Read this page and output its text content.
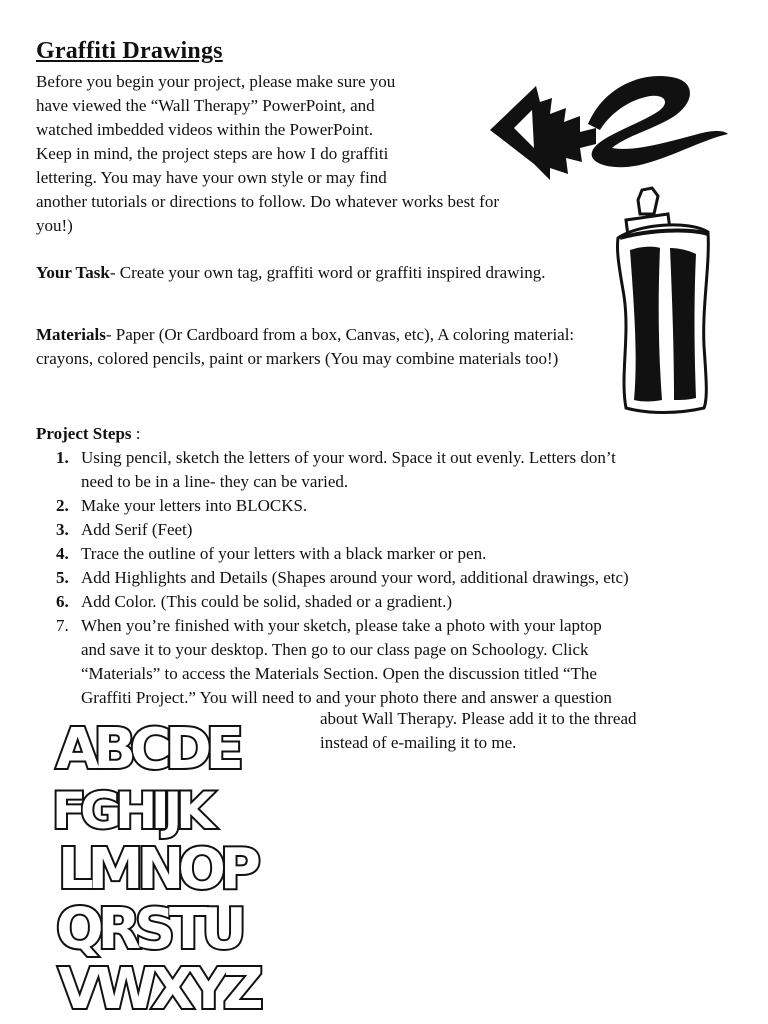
Graffiti Drawings
Before you begin your project, please make sure you
have viewed the “Wall Therapy” PowerPoint, and
watched imbedded videos within the PowerPoint.
Keep in mind, the project steps are how I do graffiti
lettering. You may have your own style or may find
another tutorials or directions to follow. Do whatever works best for
you!)
Your Task- Create your own tag, graffiti word or graffiti inspired drawing.
Materials- Paper (Or Cardboard from a box, Canvas, etc), A coloring material: crayons, colored pencils, paint or markers (You may combine materials too!)
Project Steps :
1. Using pencil, sketch the letters of your word. Space it out evenly. Letters don’t
need to be in a line- they can be varied.
2. Make your letters into BLOCKS.
3. Add Serif (Feet)
4. Trace the outline of your letters with a black marker or pen.
5. Add Highlights and Details (Shapes around your word, additional drawings, etc)
6. Add Color. (This could be solid, shaded or a gradient.)
7. When you’re finished with your sketch, please take a photo with your laptop
and save it to your desktop. Then go to our class page on Schoology. Click
“Materials” to access the Materials Section. Open the discussion titled “The
Graffiti Project.” You will need to and your photo there and answer a question
about Wall Therapy. Please add it to the thread
instead of e-mailing it to me.
ABCDE
FGHIJK
LMNOP
QRSTU
VWXYZ
